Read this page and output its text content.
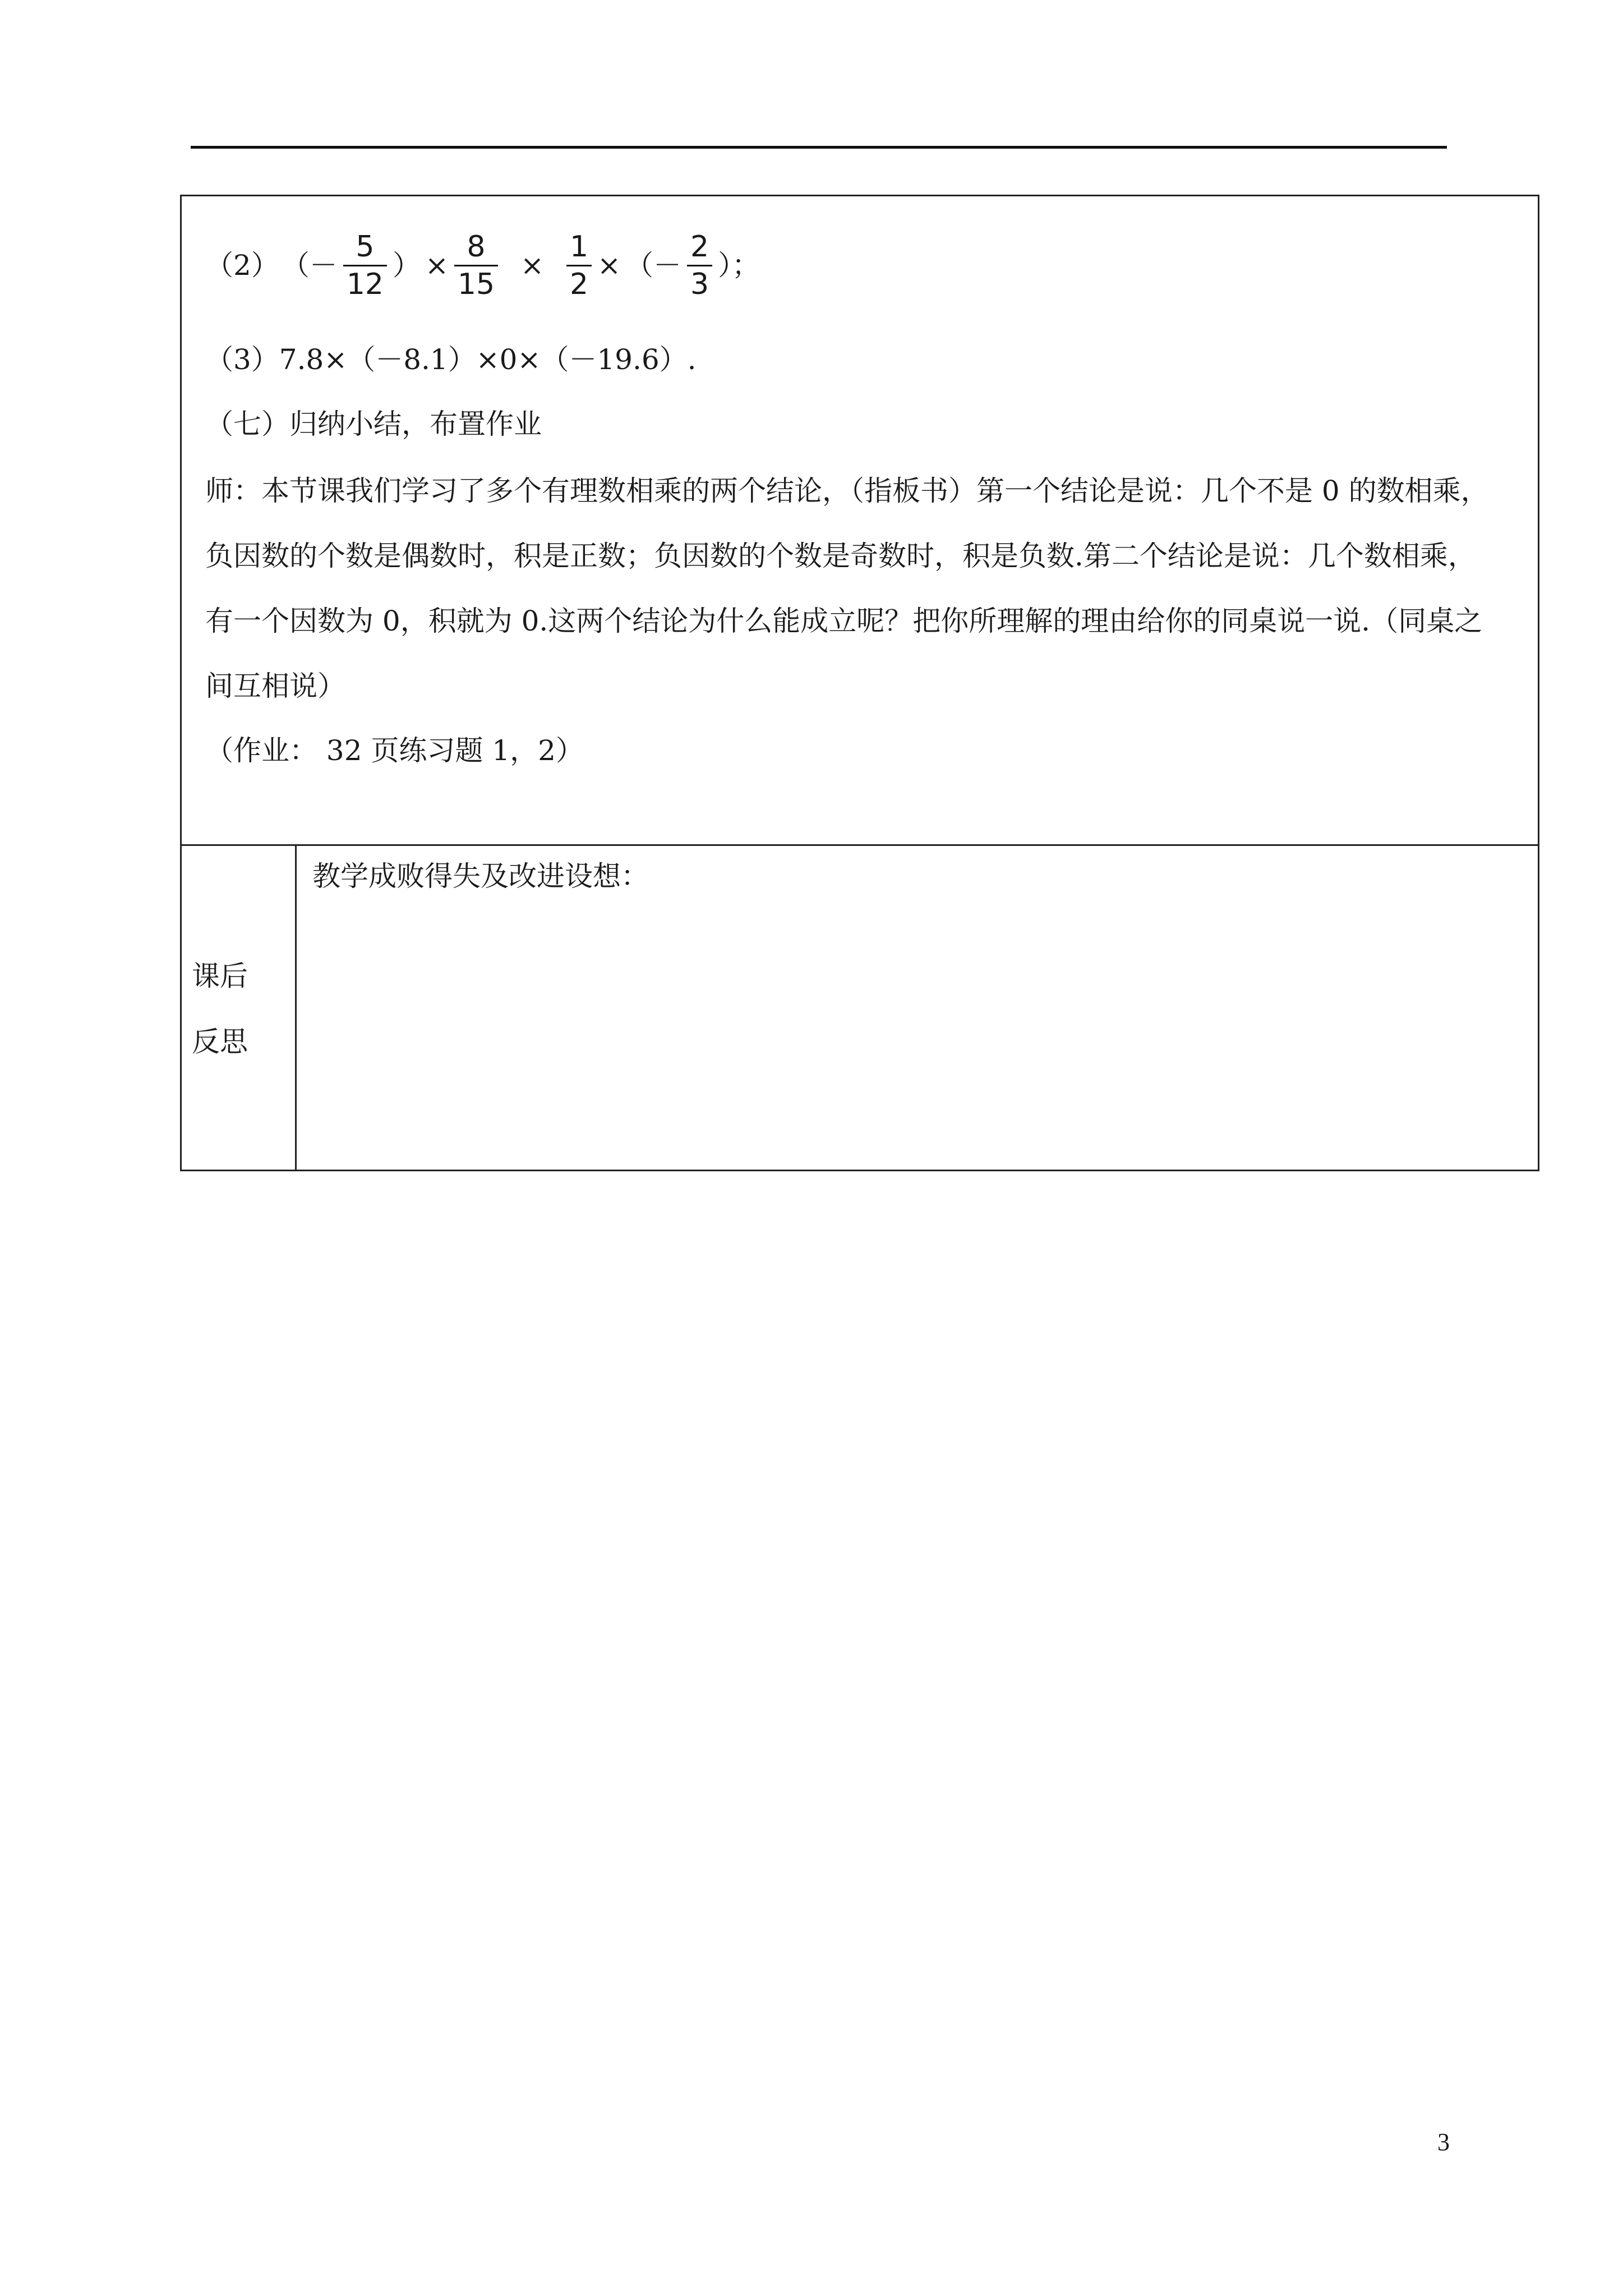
（2） （－ $\frac{5}{12}$ ） × $\frac{8}{15} \times \frac{1}{2}$ × （－ $\frac{2}{3}$ ）；
（3）7.8×（－8.1）×0×（－19.6）.
（七）归纳小结，布置作业
师：本节课我们学习了多个有理数相乘的两个结论，（指板书）第一个结论是说：几个不是 0 的数相乘，
负因数的个数是偶数时，积是正数；负因数的个数是奇数时，积是负数.第二个结论是说：几个数相乘，
有一个因数为 0，积就为 0.这两个结论为什么能成立呢？把你所理解的理由给你的同桌说一说.（同桌之
间互相说）
（作业： 32 页练习题 1，2）
课后
反思
教学成败得失及改进设想：
3
